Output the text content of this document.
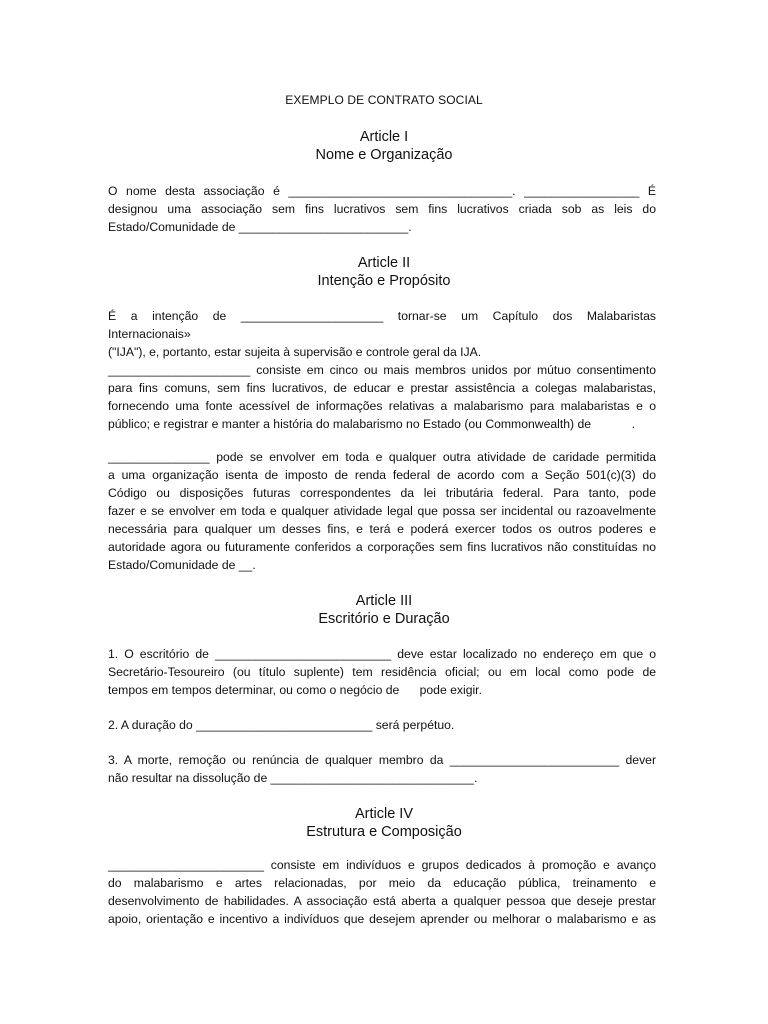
EXEMPLO DE CONTRATO SOCIAL
Article I
Nome e Organização
O nome desta associação é _________________________________. _________________ É
designou uma associação sem fins lucrativos sem fins lucrativos criada sob as leis do
Estado/Comunidade de _________________________.
Article II
Intenção e Propósito
É a intenção de _____________________ tornar-se um Capítulo dos Malabaristas
Internacionais»
("IJA"), e, portanto, estar sujeita à supervisão e controle geral da IJA.
_____________________ consiste em cinco ou mais membros unidos por mútuo consentimento
para fins comuns, sem fins lucrativos, de educar e prestar assistência a colegas malabaristas,
fornecendo uma fonte acessível de informações relativas a malabarismo para malabaristas e o
público; e registrar e manter a história do malabarismo no Estado (ou Commonwealth) de            .
_______________ pode se envolver em toda e qualquer outra atividade de caridade permitida
a uma organização isenta de imposto de renda federal de acordo com a Seção 501(c)(3) do
Código ou disposições futuras correspondentes da lei tributária federal. Para tanto, pode
fazer e se envolver em toda e qualquer atividade legal que possa ser incidental ou razoavelmente
necessária para qualquer um desses fins, e terá e poderá exercer todos os outros poderes e
autoridade agora ou futuramente conferidos a corporações sem fins lucrativos não constituídas no
Estado/Comunidade de __.
Article III
Escritório e Duração
1. O escritório de __________________________ deve estar localizado no endereço em que o
Secretário-Tesoureiro (ou título suplente) tem residência oficial; ou em local como pode de
tempos em tempos determinar, ou como o negócio de      pode exigir.
2. A duração do __________________________ será perpétuo.
3. A morte, remoção ou renúncia de qualquer membro da _________________________ dever
não resultar na dissolução de ______________________________.
Article IV
Estrutura e Composição
_______________________ consiste em indivíduos e grupos dedicados à promoção e avanço
do malabarismo e artes relacionadas, por meio da educação pública, treinamento e
desenvolvimento de habilidades. A associação está aberta a qualquer pessoa que deseje prestar
apoio, orientação e incentivo a indivíduos que desejem aprender ou melhorar o malabarismo e as
